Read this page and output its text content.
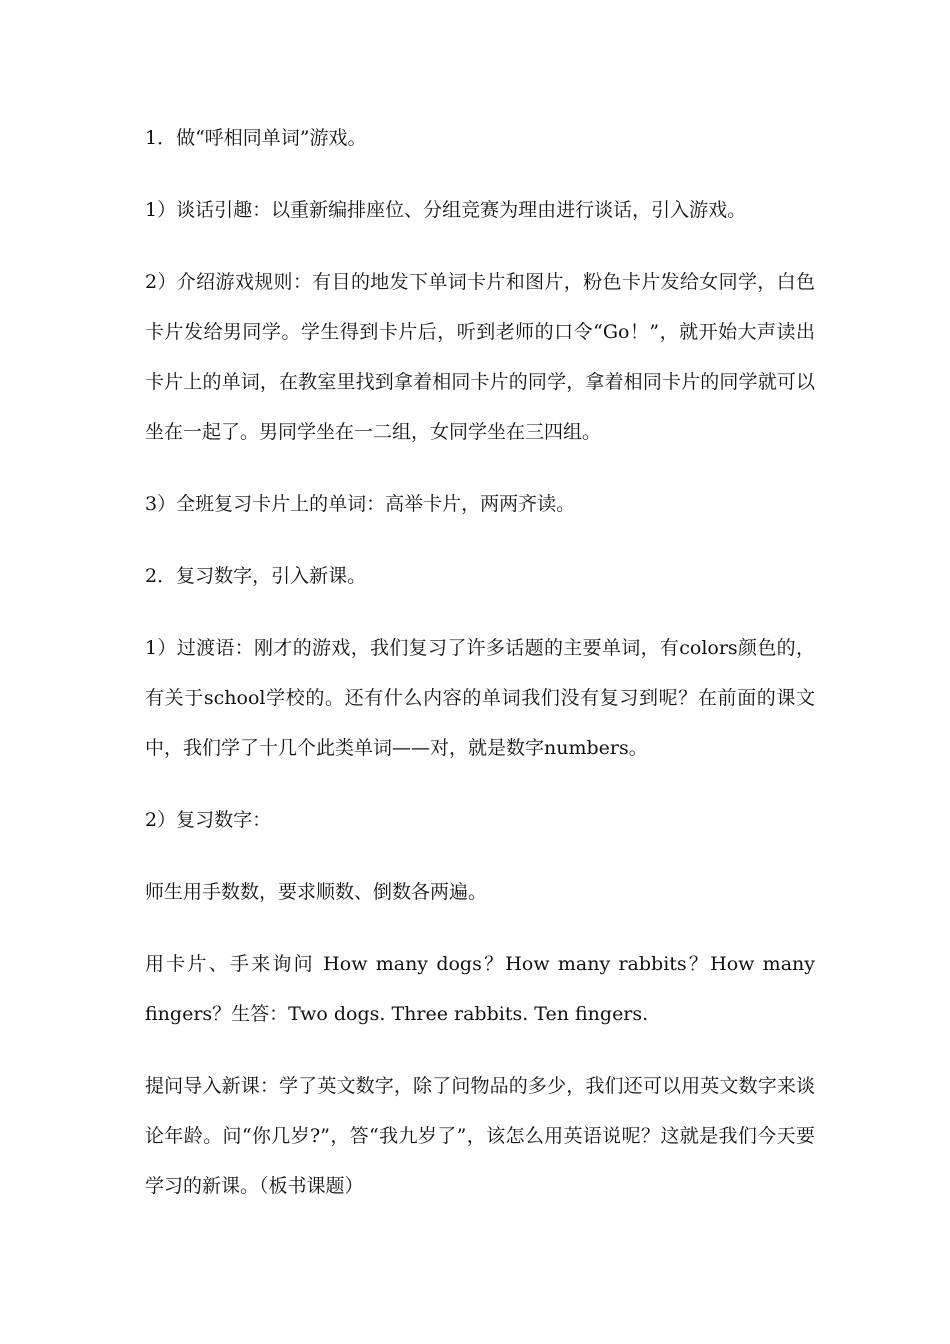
1．做“呼相同单词”游戏。

1）谈话引趣：以重新编排座位、分组竞赛为理由进行谈话，引入游戏。

2）介绍游戏规则：有目的地发下单词卡片和图片，粉色卡片发给女同学，白色卡片发给男同学。学生得到卡片后，听到老师的口令“Go！”，就开始大声读出卡片上的单词，在教室里找到拿着相同卡片的同学，拿着相同卡片的同学就可以坐在一起了。男同学坐在一二组，女同学坐在三四组。

3）全班复习卡片上的单词：高举卡片，两两齐读。

2．复习数字，引入新课。

1）过渡语：刚才的游戏，我们复习了许多话题的主要单词，有colors颜色的，有关于school学校的。还有什么内容的单词我们没有复习到呢？在前面的课文中，我们学了十几个此类单词——对，就是数字numbers。

2）复习数字：

师生用手数数，要求顺数、倒数各两遍。

用卡片、手来询问 How many dogs？How many rabbits？How many fingers？生答：Two dogs. Three rabbits. Ten fingers.

提问导入新课：学了英文数字，除了问物品的多少，我们还可以用英文数字来谈论年龄。问“你几岁?”，答“我九岁了”，该怎么用英语说呢？这就是我们今天要学习的新课。（板书课题）
